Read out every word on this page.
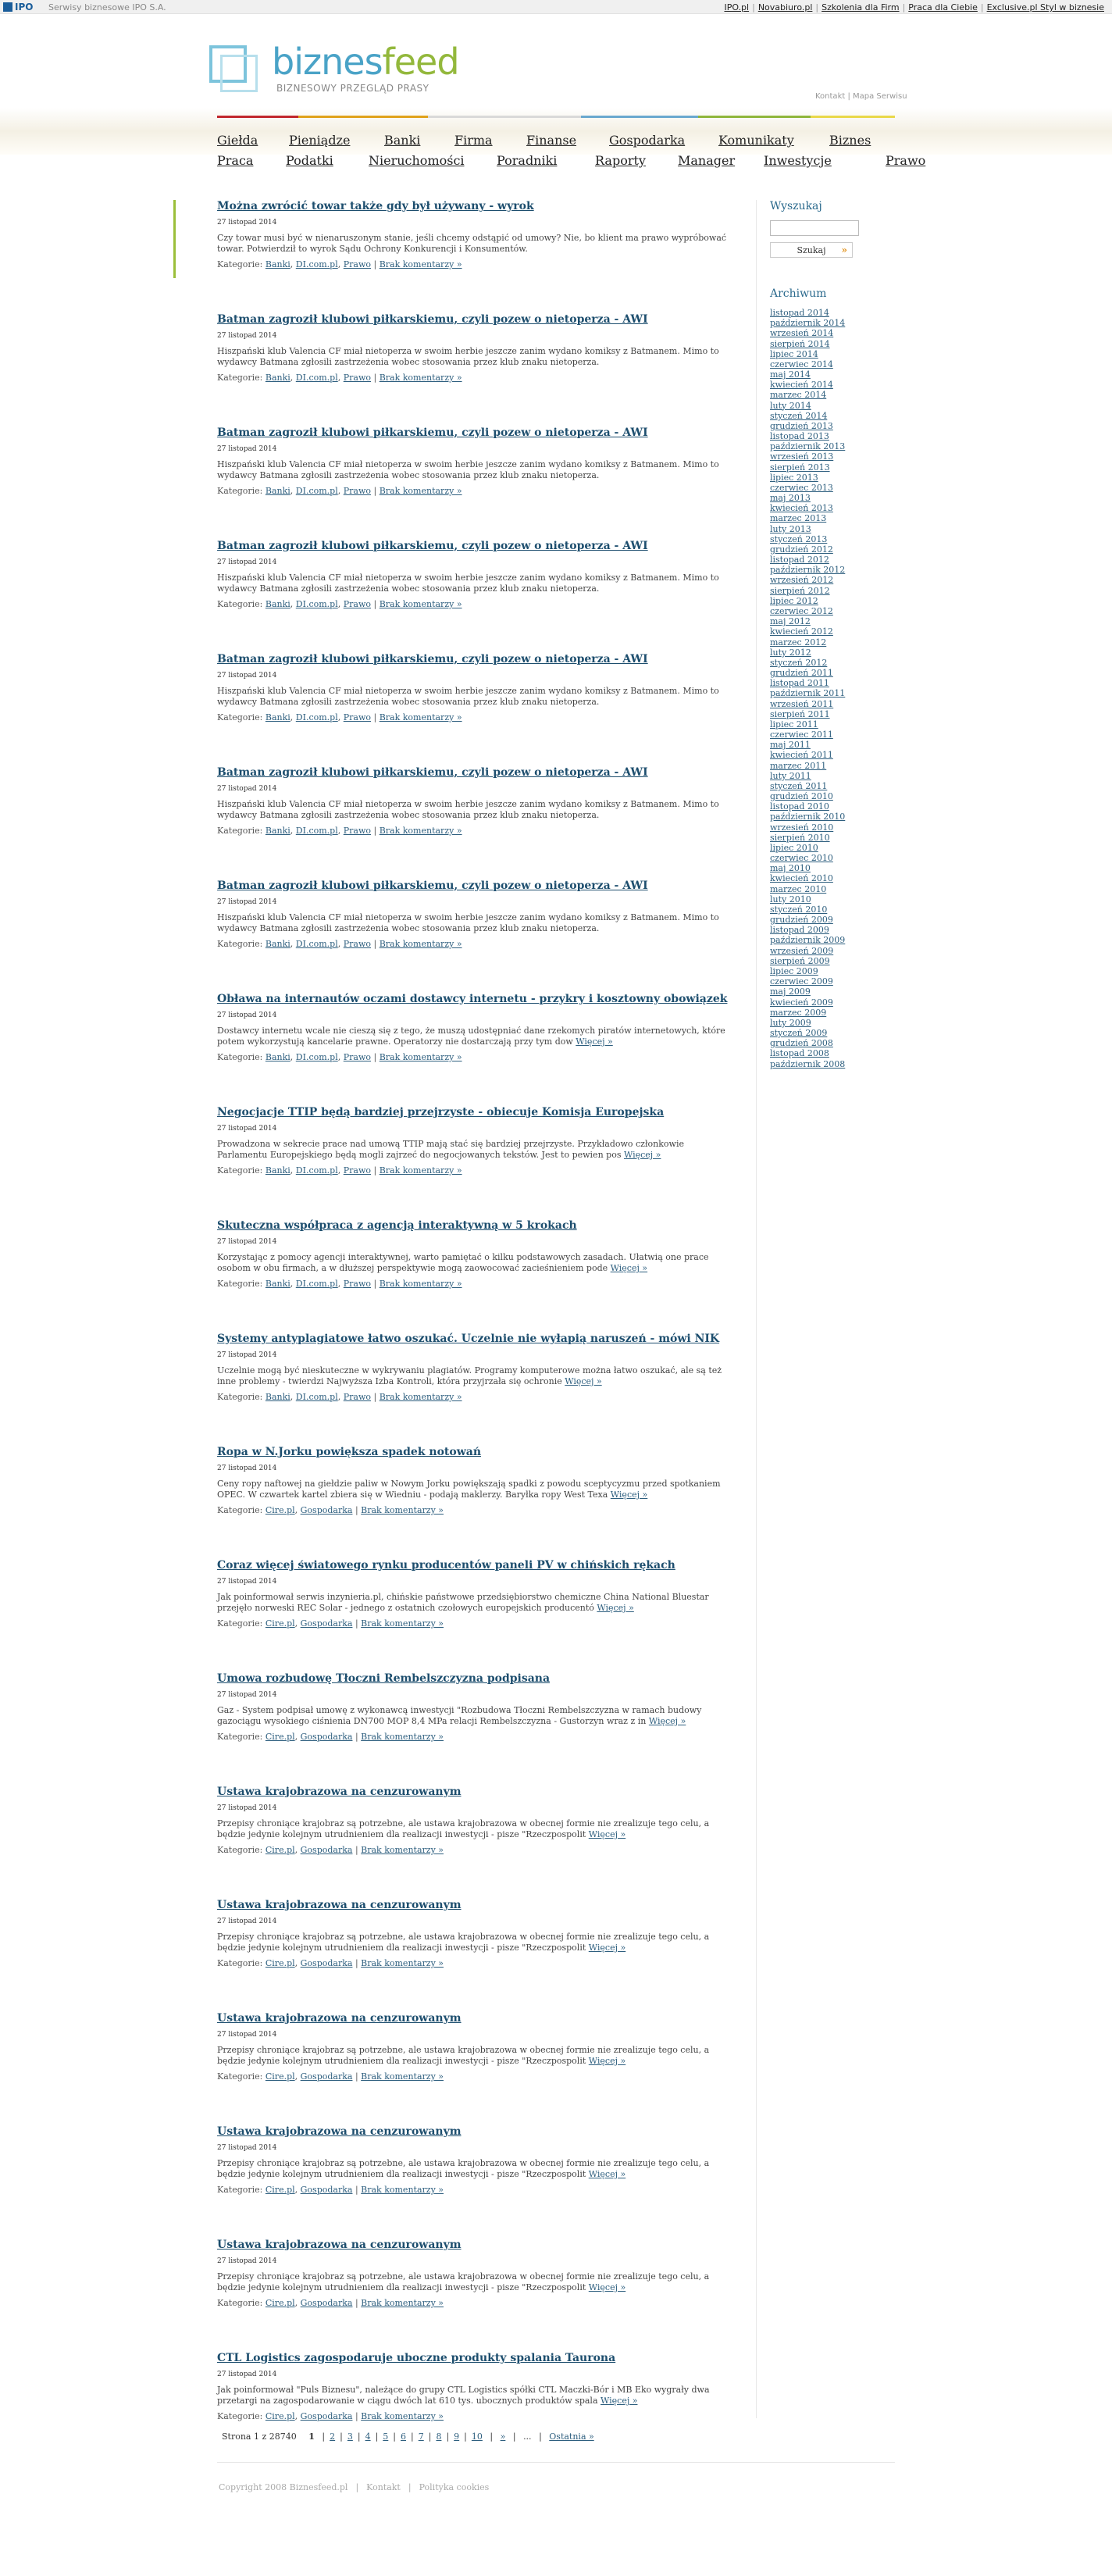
IPO Serwisy biznesowe IPO S.A.	IPO.pl | Novabiuro.pl | Szkolenia dla Firm | Praca dla Ciebie | Exclusive.pl Styl w biznesie
biznesfeed
BIZNESOWY PRZEGLĄD PRASY
Kontakt | Mapa Serwisu
Giełda Pieniądze	Banki	Firma	Finanse	Gospodarka	Komunikaty	Biznes
Praca	Podatki	Nieruchomości	Poradniki	Raporty	Manager Inwestycje	Prawo
Można zwrócić towar także gdy był używany - wyrok
27 listopad 2014
Czy towar musi być w nienaruszonym stanie, jeśli chcemy odstąpić od umowy? Nie, bo klient ma prawo wypróbować towar. Potwierdził to wyrok Sądu Ochrony Konkurencji i Konsumentów.
Kategorie: Banki, DI.com.pl, Prawo | Brak komentarzy »
Batman zagroził klubowi piłkarskiemu, czyli pozew o nietoperza - AWI
27 listopad 2014
Hiszpański klub Valencia CF miał nietoperza w swoim herbie jeszcze zanim wydano komiksy z Batmanem. Mimo to wydawcy Batmana zgłosili zastrzeżenia wobec stosowania przez klub znaku nietoperza.
Kategorie: Banki, DI.com.pl, Prawo | Brak komentarzy »
Batman zagroził klubowi piłkarskiemu, czyli pozew o nietoperza - AWI
27 listopad 2014
Hiszpański klub Valencia CF miał nietoperza w swoim herbie jeszcze zanim wydano komiksy z Batmanem. Mimo to wydawcy Batmana zgłosili zastrzeżenia wobec stosowania przez klub znaku nietoperza.
Kategorie: Banki, DI.com.pl, Prawo | Brak komentarzy »
Batman zagroził klubowi piłkarskiemu, czyli pozew o nietoperza - AWI
27 listopad 2014
Hiszpański klub Valencia CF miał nietoperza w swoim herbie jeszcze zanim wydano komiksy z Batmanem. Mimo to wydawcy Batmana zgłosili zastrzeżenia wobec stosowania przez klub znaku nietoperza.
Kategorie: Banki, DI.com.pl, Prawo | Brak komentarzy »
Batman zagroził klubowi piłkarskiemu, czyli pozew o nietoperza - AWI
27 listopad 2014
Hiszpański klub Valencia CF miał nietoperza w swoim herbie jeszcze zanim wydano komiksy z Batmanem. Mimo to wydawcy Batmana zgłosili zastrzeżenia wobec stosowania przez klub znaku nietoperza.
Kategorie: Banki, DI.com.pl, Prawo | Brak komentarzy »
Batman zagroził klubowi piłkarskiemu, czyli pozew o nietoperza - AWI
27 listopad 2014
Hiszpański klub Valencia CF miał nietoperza w swoim herbie jeszcze zanim wydano komiksy z Batmanem. Mimo to wydawcy Batmana zgłosili zastrzeżenia wobec stosowania przez klub znaku nietoperza.
Kategorie: Banki, DI.com.pl, Prawo | Brak komentarzy »
Batman zagroził klubowi piłkarskiemu, czyli pozew o nietoperza - AWI
27 listopad 2014
Hiszpański klub Valencia CF miał nietoperza w swoim herbie jeszcze zanim wydano komiksy z Batmanem. Mimo to wydawcy Batmana zgłosili zastrzeżenia wobec stosowania przez klub znaku nietoperza.
Kategorie: Banki, DI.com.pl, Prawo | Brak komentarzy »
Obława na internautów oczami dostawcy internetu - przykry i kosztowny obowiązek
27 listopad 2014
Dostawcy internetu wcale nie cieszą się z tego, że muszą udostępniać dane rzekomych piratów internetowych, które potem wykorzystują kancelarie prawne. Operatorzy nie dostarczają przy tym dow Więcej »
Kategorie: Banki, DI.com.pl, Prawo | Brak komentarzy »
Negocjacje TTIP będą bardziej przejrzyste - obiecuje Komisja Europejska
27 listopad 2014
Prowadzona w sekrecie prace nad umową TTIP mają stać się bardziej przejrzyste. Przykładowo członkowie Parlamentu Europejskiego będą mogli zajrzeć do negocjowanych tekstów. Jest to pewien pos Więcej »
Kategorie: Banki, DI.com.pl, Prawo | Brak komentarzy »
Skuteczna współpraca z agencją interaktywną w 5 krokach
27 listopad 2014
Korzystając z pomocy agencji interaktywnej, warto pamiętać o kilku podstawowych zasadach. Ułatwią one prace osobom w obu firmach, a w dłuższej perspektywie mogą zaowocować zacieśnieniem pode Więcej »
Kategorie: Banki, DI.com.pl, Prawo | Brak komentarzy »
Systemy antyplagiatowe łatwo oszukać. Uczelnie nie wyłapią naruszeń - mówi NIK
27 listopad 2014
Uczelnie mogą być nieskuteczne w wykrywaniu plagiatów. Programy komputerowe można łatwo oszukać, ale są też inne problemy - twierdzi Najwyższa Izba Kontroli, która przyjrzała się ochronie Więcej »
Kategorie: Banki, DI.com.pl, Prawo | Brak komentarzy »
Ropa w N.Jorku powiększa spadek notowań
27 listopad 2014
Ceny ropy naftowej na giełdzie paliw w Nowym Jorku powiększają spadki z powodu sceptycyzmu przed spotkaniem OPEC. W czwartek kartel zbiera się w Wiedniu - podają maklerzy. Baryłka ropy West Texa Więcej »
Kategorie: Cire.pl, Gospodarka | Brak komentarzy »
Coraz więcej światowego rynku producentów paneli PV w chińskich rękach
27 listopad 2014
Jak poinformował serwis inzynieria.pl, chińskie państwowe przedsiębiorstwo chemiczne China National Bluestar przejęło norweski REC Solar - jednego z ostatnich czołowych europejskich producentó Więcej »
Kategorie: Cire.pl, Gospodarka | Brak komentarzy »
Umowa rozbudowę Tłoczni Rembelszczyzna podpisana
27 listopad 2014
Gaz - System podpisał umowę z wykonawcą inwestycji "Rozbudowa Tłoczni Rembelszczyzna w ramach budowy gazociągu wysokiego ciśnienia DN700 MOP 8,4 MPa relacji Rembelszczyzna - Gustorzyn wraz z in Więcej »
Kategorie: Cire.pl, Gospodarka | Brak komentarzy »
Ustawa krajobrazowa na cenzurowanym
27 listopad 2014
Przepisy chroniące krajobraz są potrzebne, ale ustawa krajobrazowa w obecnej formie nie zrealizuje tego celu, a będzie jedynie kolejnym utrudnieniem dla realizacji inwestycji - pisze "Rzeczpospolit Więcej »
Kategorie: Cire.pl, Gospodarka | Brak komentarzy »
Ustawa krajobrazowa na cenzurowanym
27 listopad 2014
Przepisy chroniące krajobraz są potrzebne, ale ustawa krajobrazowa w obecnej formie nie zrealizuje tego celu, a będzie jedynie kolejnym utrudnieniem dla realizacji inwestycji - pisze "Rzeczpospolit Więcej »
Kategorie: Cire.pl, Gospodarka | Brak komentarzy »
Ustawa krajobrazowa na cenzurowanym
27 listopad 2014
Przepisy chroniące krajobraz są potrzebne, ale ustawa krajobrazowa w obecnej formie nie zrealizuje tego celu, a będzie jedynie kolejnym utrudnieniem dla realizacji inwestycji - pisze "Rzeczpospolit Więcej »
Kategorie: Cire.pl, Gospodarka | Brak komentarzy »
Ustawa krajobrazowa na cenzurowanym
27 listopad 2014
Przepisy chroniące krajobraz są potrzebne, ale ustawa krajobrazowa w obecnej formie nie zrealizuje tego celu, a będzie jedynie kolejnym utrudnieniem dla realizacji inwestycji - pisze "Rzeczpospolit Więcej »
Kategorie: Cire.pl, Gospodarka | Brak komentarzy »
Ustawa krajobrazowa na cenzurowanym
27 listopad 2014
Przepisy chroniące krajobraz są potrzebne, ale ustawa krajobrazowa w obecnej formie nie zrealizuje tego celu, a będzie jedynie kolejnym utrudnieniem dla realizacji inwestycji - pisze "Rzeczpospolit Więcej »
Kategorie: Cire.pl, Gospodarka | Brak komentarzy »
CTL Logistics zagospodaruje uboczne produkty spalania Taurona
27 listopad 2014
Jak poinformował "Puls Biznesu", należące do grupy CTL Logistics spółki CTL Maczki-Bór i MB Eko wygrały dwa przetargi na zagospodarowanie w ciągu dwóch lat 610 tys. ubocznych produktów spala Więcej »
Kategorie: Cire.pl, Gospodarka | Brak komentarzy »
Wyszukaj
Szukaj »
Archiwum
listopad 2014
październik 2014
wrzesień 2014
sierpień 2014
lipiec 2014
czerwiec 2014
maj 2014
kwiecień 2014
marzec 2014
luty 2014
styczeń 2014
grudzień 2013
listopad 2013
październik 2013
wrzesień 2013
sierpień 2013
lipiec 2013
czerwiec 2013
maj 2013
kwiecień 2013
marzec 2013
luty 2013
styczeń 2013
grudzień 2012
listopad 2012
październik 2012
wrzesień 2012
sierpień 2012
lipiec 2012
czerwiec 2012
maj 2012
kwiecień 2012
marzec 2012
luty 2012
styczeń 2012
grudzień 2011
listopad 2011
październik 2011
wrzesień 2011
sierpień 2011
lipiec 2011
czerwiec 2011
maj 2011
kwiecień 2011
marzec 2011
luty 2011
styczeń 2011
grudzień 2010
listopad 2010
październik 2010
wrzesień 2010
sierpień 2010
lipiec 2010
czerwiec 2010
maj 2010
kwiecień 2010
marzec 2010
luty 2010
styczeń 2010
grudzień 2009
listopad 2009
październik 2009
wrzesień 2009
sierpień 2009
lipiec 2009
czerwiec 2009
maj 2009
kwiecień 2009
marzec 2009
luty 2009
styczeń 2009
grudzień 2008
listopad 2008
październik 2008
Strona 1 z 28740 1 | 2 | 3 | 4 | 5 | 6 | 7 | 8 | 9 | 10 | » | ... | Ostatnia »
Copyright 2008 Biznesfeed.pl | Kontakt | Polityka cookies
